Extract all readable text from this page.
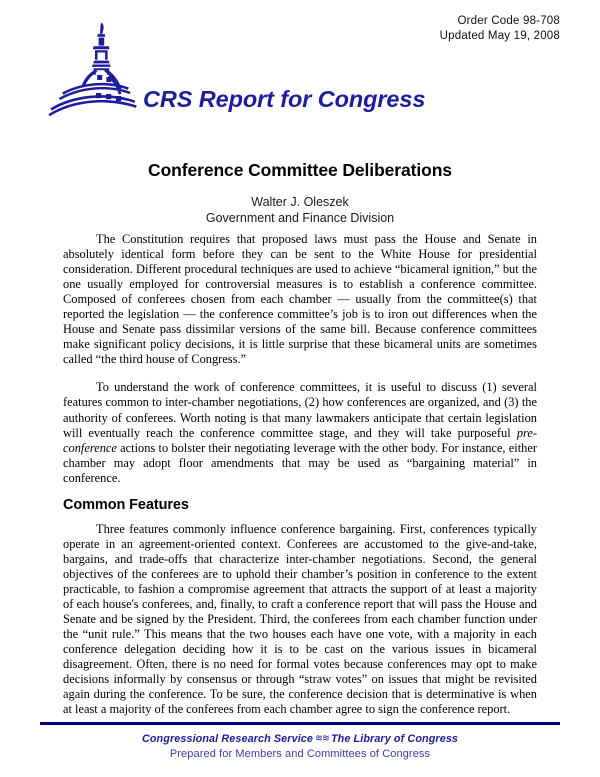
Order Code 98-708
Updated May 19, 2008
CRS Report for Congress
Conference Committee Deliberations
Walter J. Oleszek
Government and Finance Division

The Constitution requires that proposed laws must pass the House and Senate in absolutely identical form before they can be sent to the White House for presidential consideration. Different procedural techniques are used to achieve “bicameral ignition,” but the one usually employed for controversial measures is to establish a conference committee. Composed of conferees chosen from each chamber — usually from the committee(s) that reported the legislation — the conference committee’s job is to iron out differences when the House and Senate pass dissimilar versions of the same bill. Because conference committees make significant policy decisions, it is little surprise that these bicameral units are sometimes called “the third house of Congress.”

To understand the work of conference committees, it is useful to discuss (1) several features common to inter-chamber negotiations, (2) how conferences are organized, and (3) the authority of conferees. Worth noting is that many lawmakers anticipate that certain legislation will eventually reach the conference committee stage, and they will take purposeful pre-conference actions to bolster their negotiating leverage with the other body. For instance, either chamber may adopt floor amendments that may be used as “bargaining material” in conference.

Common Features

Three features commonly influence conference bargaining. First, conferences typically operate in an agreement-oriented context. Conferees are accustomed to the give-and-take, bargains, and trade-offs that characterize inter-chamber negotiations. Second, the general objectives of the conferees are to uphold their chamber’s position in conference to the extent practicable, to fashion a compromise agreement that attracts the support of at least a majority of each house's conferees, and, finally, to craft a conference report that will pass the House and Senate and be signed by the President. Third, the conferees from each chamber function under the “unit rule.” This means that the two houses each have one vote, with a majority in each conference delegation deciding how it is to be cast on the various issues in bicameral disagreement. Often, there is no need for formal votes because conferences may opt to make decisions informally by consensus or through “straw votes” on issues that might be revisited again during the conference. To be sure, the conference decision that is determinative is when at least a majority of the conferees from each chamber agree to sign the conference report.

Congressional Research Service ≋≋ The Library of Congress
Prepared for Members and Committees of Congress
